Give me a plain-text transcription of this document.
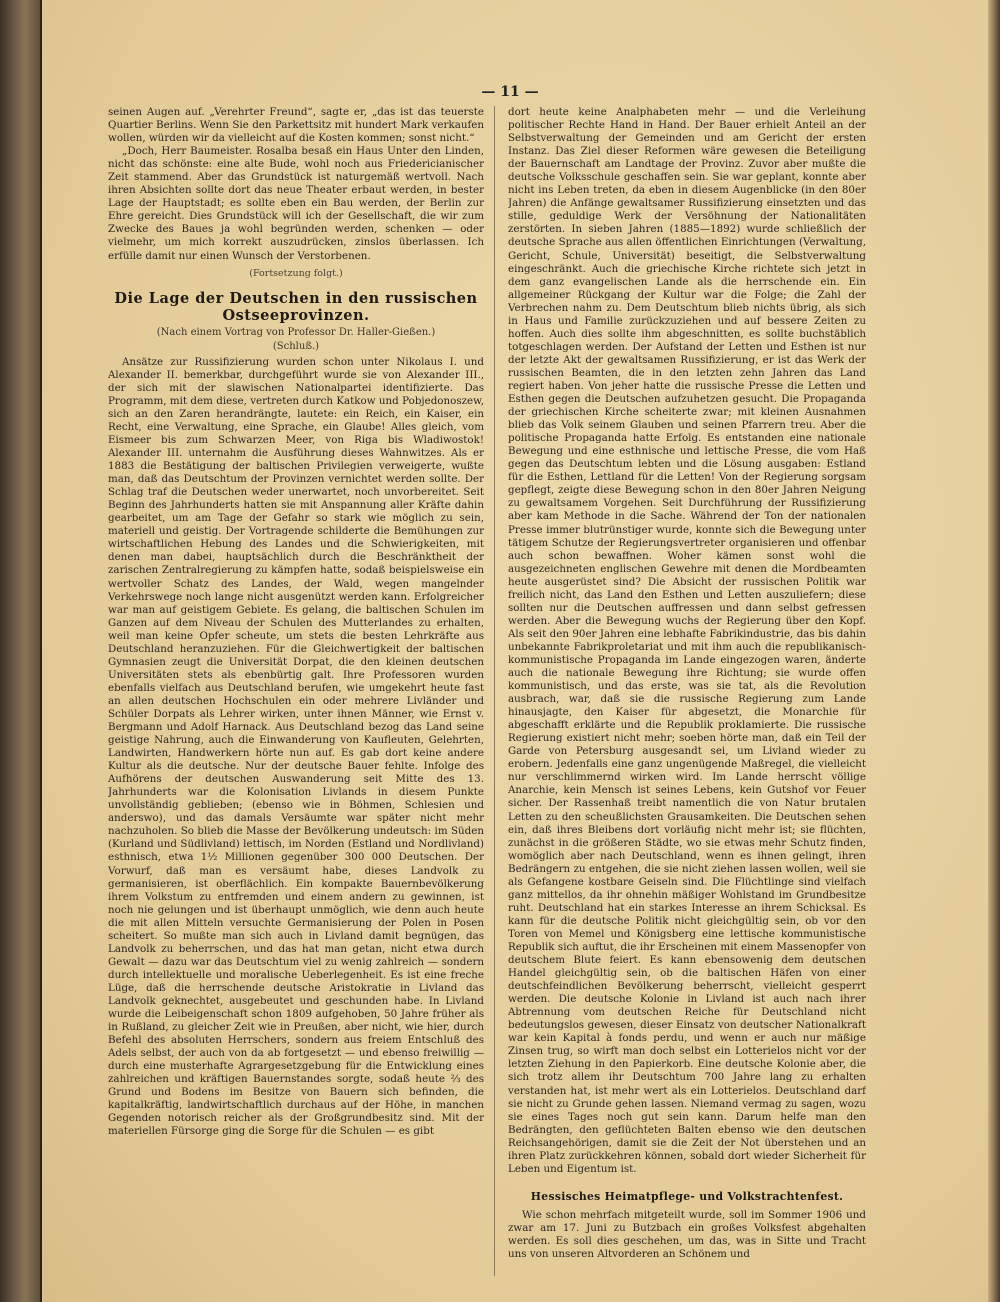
— 11 —

seinen Augen auf. „Verehrter Freund“, sagte er, „das ist das teuerste Quartier Berlins. Wenn Sie den Parkettsitz mit hundert Mark verkaufen wollen, würden wir da vielleicht auf die Kosten kommen; sonst nicht.“

„Doch, Herr Baumeister. Rosalba besaß ein Haus Unter den Linden, nicht das schönste: eine alte Bude, wohl noch aus Friedericianischer Zeit stammend. Aber das Grundstück ist naturgemäß wertvoll. Nach ihren Absichten sollte dort das neue Theater erbaut werden, in bester Lage der Hauptstadt; es sollte eben ein Bau werden, der Berlin zur Ehre gereicht. Dies Grundstück will ich der Gesellschaft, die wir zum Zwecke des Baues ja wohl begründen werden, schenken — oder vielmehr, um mich korrekt auszudrücken, zinslos überlassen. Ich erfülle damit nur einen Wunsch der Verstorbenen.

(Fortsetzung folgt.)

Die Lage der Deutschen in den russischen Ostseeprovinzen.

(Nach einem Vortrag von Professor Dr. Haller-Gießen.)

(Schluß.)

Ansätze zur Russifizierung wurden schon unter Nikolaus I. und Alexander II. bemerkbar, durchgeführt wurde sie von Alexander III., der sich mit der slawischen Nationalpartei identifizierte. Das Programm, mit dem diese, vertreten durch Katkow und Pobjedonoszew, sich an den Zaren herandrängte, lautete: ein Reich, ein Kaiser, ein Recht, eine Verwaltung, eine Sprache, ein Glaube! Alles gleich, vom Eismeer bis zum Schwarzen Meer, von Riga bis Wladiwostok! Alexander III. unternahm die Ausführung dieses Wahnwitzes. Als er 1883 die Bestätigung der baltischen Privilegien verweigerte, wußte man, daß das Deutschtum der Provinzen vernichtet werden sollte. Der Schlag traf die Deutschen weder unerwartet, noch unvorbereitet. Seit Beginn des Jahrhunderts hatten sie mit Anspannung aller Kräfte dahin gearbeitet, um am Tage der Gefahr so stark wie möglich zu sein, materiell und geistig. Der Vortragende schilderte die Bemühungen zur wirtschaftlichen Hebung des Landes und die Schwierigkeiten, mit denen man dabei, hauptsächlich durch die Beschränktheit der zarischen Zentralregierung zu kämpfen hatte, sodaß beispielsweise ein wertvoller Schatz des Landes, der Wald, wegen mangelnder Verkehrswege noch lange nicht ausgenützt werden kann. Erfolgreicher war man auf geistigem Gebiete. Es gelang, die baltischen Schulen im Ganzen auf dem Niveau der Schulen des Mutterlandes zu erhalten, weil man keine Opfer scheute, um stets die besten Lehrkräfte aus Deutschland heranzuziehen. Für die Gleichwertigkeit der baltischen Gymnasien zeugt die Universität Dorpat, die den kleinen deutschen Universitäten stets als ebenbürtig galt. Ihre Professoren wurden ebenfalls vielfach aus Deutschland berufen, wie umgekehrt heute fast an allen deutschen Hochschulen ein oder mehrere Livländer und Schüler Dorpats als Lehrer wirken, unter ihnen Männer, wie Ernst v. Bergmann und Adolf Harnack. Aus Deutschland bezog das Land seine geistige Nahrung, auch die Einwanderung von Kaufleuten, Gelehrten, Landwirten, Handwerkern hörte nun auf. Es gab dort keine andere Kultur als die deutsche. Nur der deutsche Bauer fehlte. Infolge des Aufhörens der deutschen Auswanderung seit Mitte des 13. Jahrhunderts war die Kolonisation Livlands in diesem Punkte unvollständig geblieben; (ebenso wie in Böhmen, Schlesien und anderswo), und das damals Versäumte war später nicht mehr nachzuholen. So blieb die Masse der Bevölkerung undeutsch: im Süden (Kurland und Südlivland) lettisch, im Norden (Estland und Nordlivland) esthnisch, etwa 1½ Millionen gegenüber 300 000 Deutschen. Der Vorwurf, daß man es versäumt habe, dieses Landvolk zu germanisieren, ist oberflächlich. Ein kompakte Bauernbevölkerung ihrem Volkstum zu entfremden und einem andern zu gewinnen, ist noch nie gelungen und ist überhaupt unmöglich, wie denn auch heute die mit allen Mitteln versuchte Germanisierung der Polen in Posen scheitert. So mußte man sich auch in Livland damit begnügen, das Landvolk zu beherrschen, und das hat man getan, nicht etwa durch Gewalt — dazu war das Deutschtum viel zu wenig zahlreich — sondern durch intellektuelle und moralische Ueberlegenheit. Es ist eine freche Lüge, daß die herrschende deutsche Aristokratie in Livland das Landvolk geknechtet, ausgebeutet und geschunden habe. In Livland wurde die Leibeigenschaft schon 1809 aufgehoben, 50 Jahre früher als in Rußland, zu gleicher Zeit wie in Preußen, aber nicht, wie hier, durch Befehl des absoluten Herrschers, sondern aus freiem Entschluß des Adels selbst, der auch von da ab fortgesetzt — und ebenso freiwillig — durch eine musterhafte Agrargesetzgebung für die Entwicklung eines zahlreichen und kräftigen Bauernstandes sorgte, sodaß heute ⅔ des Grund und Bodens im Besitze von Bauern sich befinden, die kapitalkräftig, landwirtschaftlich durchaus auf der Höhe, in manchen Gegenden notorisch reicher als der Großgrundbesitz sind. Mit der materiellen Fürsorge ging die Sorge für die Schulen — es gibt

dort heute keine Analphabeten mehr — und die Verleihung politischer Rechte Hand in Hand. Der Bauer erhielt Anteil an der Selbstverwaltung der Gemeinden und am Gericht der ersten Instanz. Das Ziel dieser Reformen wäre gewesen die Beteiligung der Bauernschaft am Landtage der Provinz. Zuvor aber mußte die deutsche Volksschule geschaffen sein. Sie war geplant, konnte aber nicht ins Leben treten, da eben in diesem Augenblicke (in den 80er Jahren) die Anfänge gewaltsamer Russifizierung einsetzten und das stille, geduldige Werk der Versöhnung der Nationalitäten zerstörten. In sieben Jahren (1885—1892) wurde schließlich der deutsche Sprache aus allen öffentlichen Einrichtungen (Verwaltung, Gericht, Schule, Universität) beseitigt, die Selbstverwaltung eingeschränkt. Auch die griechische Kirche richtete sich jetzt in dem ganz evangelischen Lande als die herrschende ein. Ein allgemeiner Rückgang der Kultur war die Folge; die Zahl der Verbrechen nahm zu. Dem Deutschtum blieb nichts übrig, als sich in Haus und Familie zurückzuziehen und auf bessere Zeiten zu hoffen. Auch dies sollte ihm abgeschnitten, es sollte buchstäblich totgeschlagen werden. Der Aufstand der Letten und Esthen ist nur der letzte Akt der gewaltsamen Russifizierung, er ist das Werk der russischen Beamten, die in den letzten zehn Jahren das Land regiert haben. Von jeher hatte die russische Presse die Letten und Esthen gegen die Deutschen aufzuhetzen gesucht. Die Propaganda der griechischen Kirche scheiterte zwar; mit kleinen Ausnahmen blieb das Volk seinem Glauben und seinen Pfarrern treu. Aber die politische Propaganda hatte Erfolg. Es entstanden eine nationale Bewegung und eine esthnische und lettische Presse, die vom Haß gegen das Deutschtum lebten und die Lösung ausgaben: Estland für die Esthen, Lettland für die Letten! Von der Regierung sorgsam gepflegt, zeigte diese Bewegung schon in den 80er Jahren Neigung zu gewaltsamem Vorgehen. Seit Durchführung der Russifizierung aber kam Methode in die Sache. Während der Ton der nationalen Presse immer blutrünstiger wurde, konnte sich die Bewegung unter tätigem Schutze der Regierungsvertreter organisieren und offenbar auch schon bewaffnen. Woher kämen sonst wohl die ausgezeichneten englischen Gewehre mit denen die Mordbeamten heute ausgerüstet sind? Die Absicht der russischen Politik war freilich nicht, das Land den Esthen und Letten auszuliefern; diese sollten nur die Deutschen auffressen und dann selbst gefressen werden. Aber die Bewegung wuchs der Regierung über den Kopf. Als seit den 90er Jahren eine lebhafte Fabrikindustrie, das bis dahin unbekannte Fabrikproletariat und mit ihm auch die republikanisch-kommunistische Propaganda im Lande eingezogen waren, änderte auch die nationale Bewegung ihre Richtung; sie wurde offen kommunistisch, und das erste, was sie tat, als die Revolution ausbrach, war, daß sie die russische Regierung zum Lande hinausjagte, den Kaiser für abgesetzt, die Monarchie für abgeschafft erklärte und die Republik proklamierte. Die russische Regierung existiert nicht mehr; soeben hörte man, daß ein Teil der Garde von Petersburg ausgesandt sei, um Livland wieder zu erobern. Jedenfalls eine ganz ungenügende Maßregel, die vielleicht nur verschlimmernd wirken wird. Im Lande herrscht völlige Anarchie, kein Mensch ist seines Lebens, kein Gutshof vor Feuer sicher. Der Rassenhaß treibt namentlich die von Natur brutalen Letten zu den scheußlichsten Grausamkeiten. Die Deutschen sehen ein, daß ihres Bleibens dort vorläufig nicht mehr ist; sie flüchten, zunächst in die größeren Städte, wo sie etwas mehr Schutz finden, womöglich aber nach Deutschland, wenn es ihnen gelingt, ihren Bedrängern zu entgehen, die sie nicht ziehen lassen wollen, weil sie als Gefangene kostbare Geiseln sind. Die Flüchtlinge sind vielfach ganz mittellos, da ihr ohnehin mäßiger Wohlstand im Grundbesitze ruht. Deutschland hat ein starkes Interesse an ihrem Schicksal. Es kann für die deutsche Politik nicht gleichgültig sein, ob vor den Toren von Memel und Königsberg eine lettische kommunistische Republik sich auftut, die ihr Erscheinen mit einem Massenopfer von deutschem Blute feiert. Es kann ebensowenig dem deutschen Handel gleichgültig sein, ob die baltischen Häfen von einer deutschfeindlichen Bevölkerung beherrscht, vielleicht gesperrt werden. Die deutsche Kolonie in Livland ist auch nach ihrer Abtrennung vom deutschen Reiche für Deutschland nicht bedeutungslos gewesen, dieser Einsatz von deutscher Nationalkraft war kein Kapital à fonds perdu, und wenn er auch nur mäßige Zinsen trug, so wirft man doch selbst ein Lotterielos nicht vor der letzten Ziehung in den Papierkorb. Eine deutsche Kolonie aber, die sich trotz allem ihr Deutschtum 700 Jahre lang zu erhalten verstanden hat, ist mehr wert als ein Lotterielos. Deutschland darf sie nicht zu Grunde gehen lassen. Niemand vermag zu sagen, wozu sie eines Tages noch gut sein kann. Darum helfe man den Bedrängten, den geflüchteten Balten ebenso wie den deutschen Reichsangehörigen, damit sie die Zeit der Not überstehen und an ihren Platz zurückkehren können, sobald dort wieder Sicherheit für Leben und Eigentum ist.

Hessisches Heimatpflege- und Volkstrachtenfest.

Wie schon mehrfach mitgeteilt wurde, soll im Sommer 1906 und zwar am 17. Juni zu Butzbach ein großes Volksfest abgehalten werden. Es soll dies geschehen, um das, was in Sitte und Tracht uns von unseren Altvorderen an Schönem und
